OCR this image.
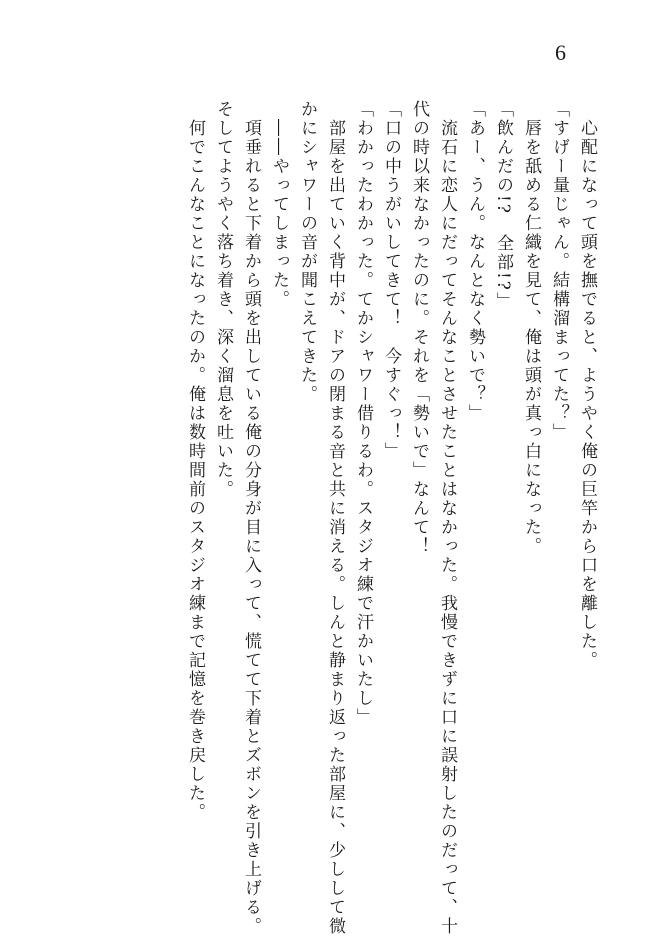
6
　心配になって頭を撫でると、ようやく俺の巨竿から口を離した。
「すげー量じゃん。結構溜まってた？」
　唇を舐める仁織を見て、俺は頭が真っ白になった。
「飲んだの!?　全部!?」
「あー、うん。なんとなく勢いで？」
　流石に恋人にだってそんなことさせたことはなかった。我慢できずに口に誤射したのだって、十
代の時以来なかったのに。それを「勢いで」なんて！
「口の中うがいしてきて！　今すぐっ！」
「わかったわかった。てかシャワー借りるわ。スタジオ練で汗かいたし」
　部屋を出ていく背中が、ドアの閉まる音と共に消える。しんと静まり返った部屋に、少しして微
かにシャワーの音が聞こえてきた。
　――やってしまった。
　項垂れると下着から頭を出している俺の分身が目に入って、慌てて下着とズボンを引き上げる。
そしてようやく落ち着き、深く溜息を吐いた。
　何でこんなことになったのか。俺は数時間前のスタジオ練まで記憶を巻き戻した。
